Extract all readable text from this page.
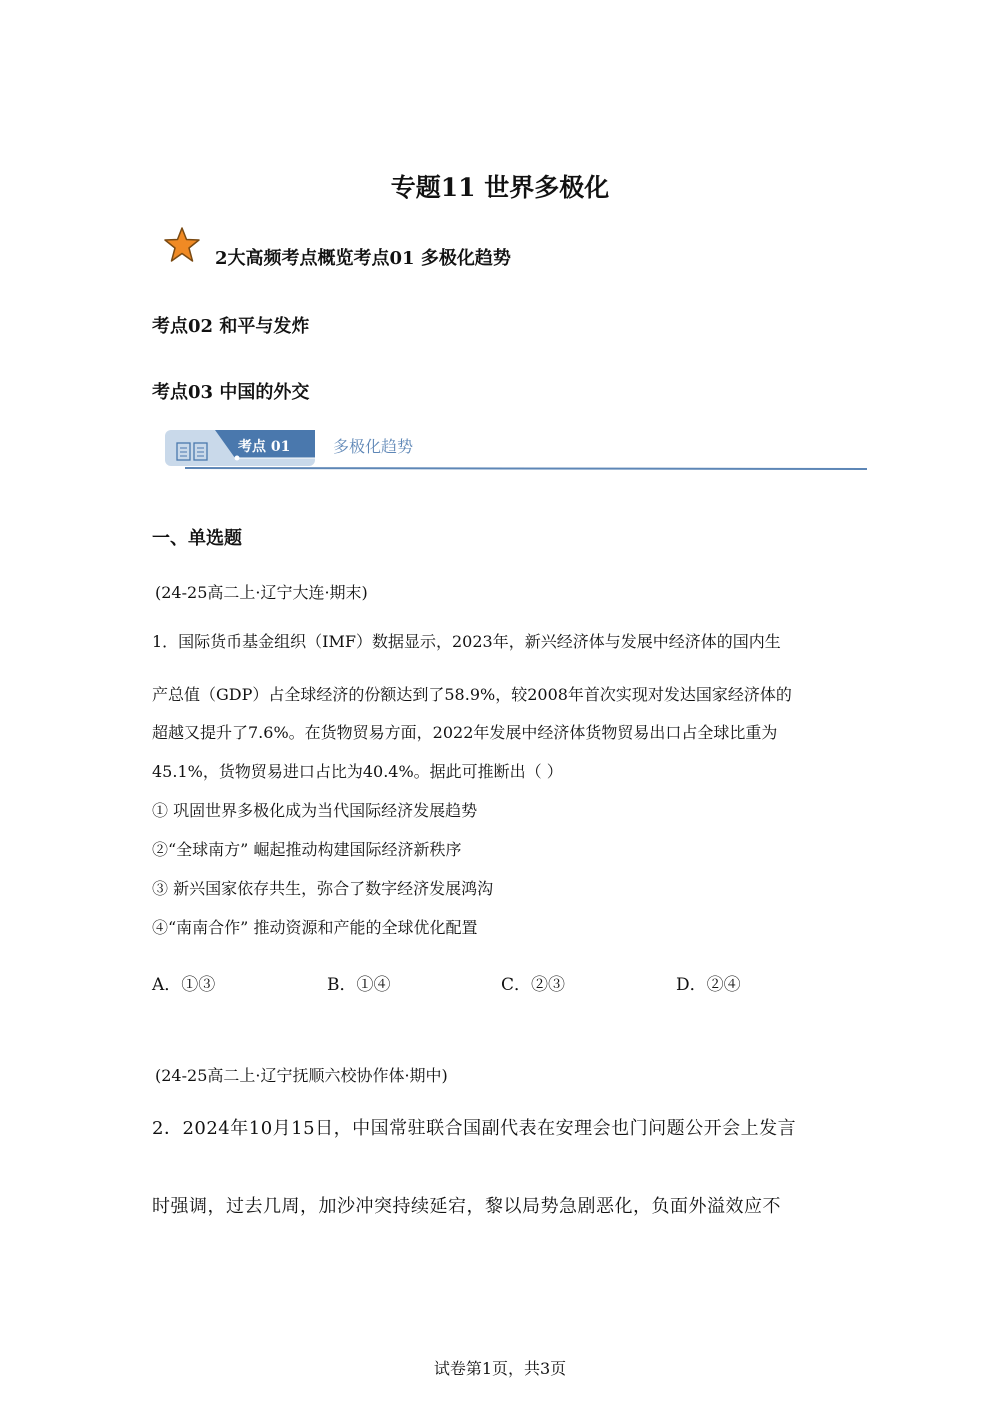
专题11 世界多极化
2大高频考点概览考点01 多极化趋势
考点02 和平与发炸
考点03 中国的外交
考点 01	多极化趋势
一、单选题
(24-25高二上·辽宁大连·期末)
1．国际货币基金组织（IMF）数据显示，2023年，新兴经济体与发展中经济体的国内生
产总值（GDP）占全球经济的份额达到了58.9%，较2008年首次实现对发达国家经济体的
超越又提升了7.6%。在货物贸易方面，2022年发展中经济体货物贸易出口占全球比重为
45.1%，货物贸易进口占比为40.4%。据此可推断出（ ）
① 巩固世界多极化成为当代国际经济发展趋势
②“全球南方” 崛起推动构建国际经济新秩序
③ 新兴国家依存共生，弥合了数字经济发展鸿沟
④“南南合作” 推动资源和产能的全球优化配置
A．①③	B．①④	C．②③	D．②④
(24-25高二上·辽宁抚顺六校协作体·期中)
2．2024年10月15日，中国常驻联合国副代表在安理会也门问题公开会上发言
时强调，过去几周，加沙冲突持续延宕，黎以局势急剧恶化，负面外溢效应不
试卷第1页，共3页
